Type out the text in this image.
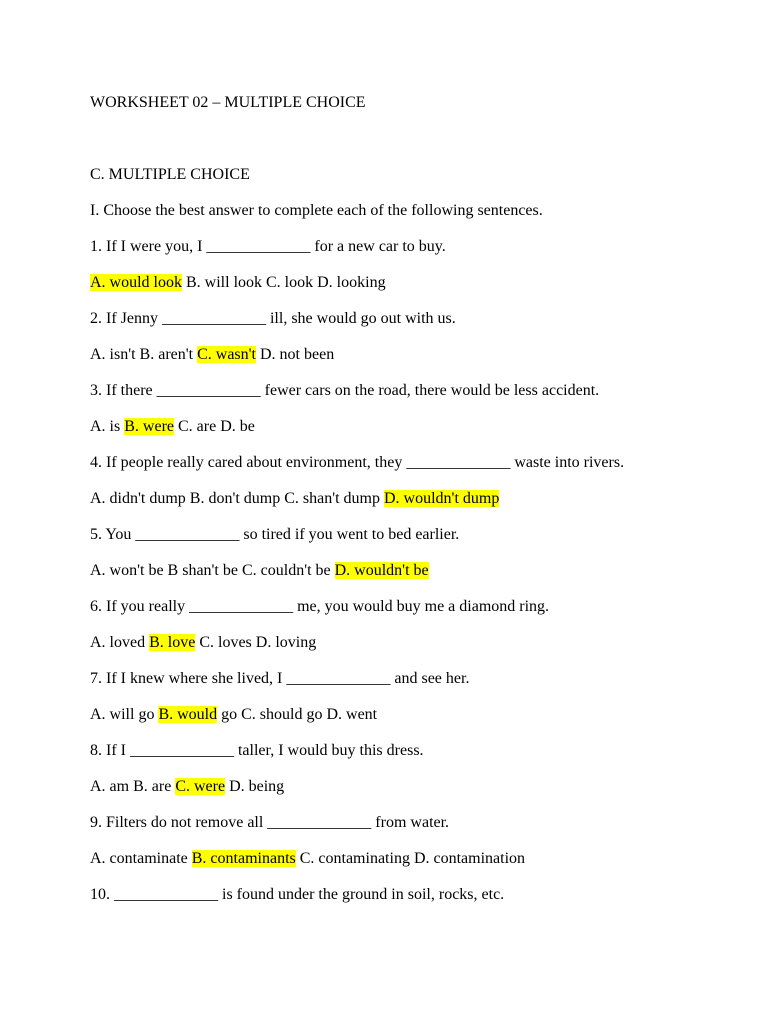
WORKSHEET 02 – MULTIPLE CHOICE
C. MULTIPLE CHOICE
I. Choose the best answer to complete each of the following sentences.
1. If I were you, I _____________ for a new car to buy.
A. would look B. will look C. look D. looking
2. If Jenny _____________ ill, she would go out with us.
A. isn't B. aren't C. wasn't D. not been
3. If there _____________ fewer cars on the road, there would be less accident.
A. is B. were C. are D. be
4. If people really cared about environment, they _____________ waste into rivers.
A. didn't dump B. don't dump C. shan't dump D. wouldn't dump
5. You _____________ so tired if you went to bed earlier.
A. won't be B shan't be C. couldn't be D. wouldn't be
6. If you really _____________ me, you would buy me a diamond ring.
A. loved B. love C. loves D. loving
7. If I knew where she lived, I _____________ and see her.
A. will go B. would go C. should go D. went
8. If I _____________ taller, I would buy this dress.
A. am B. are C. were D. being
9. Filters do not remove all _____________ from water.
A. contaminate B. contaminants C. contaminating D. contamination
10. _____________ is found under the ground in soil, rocks, etc.
